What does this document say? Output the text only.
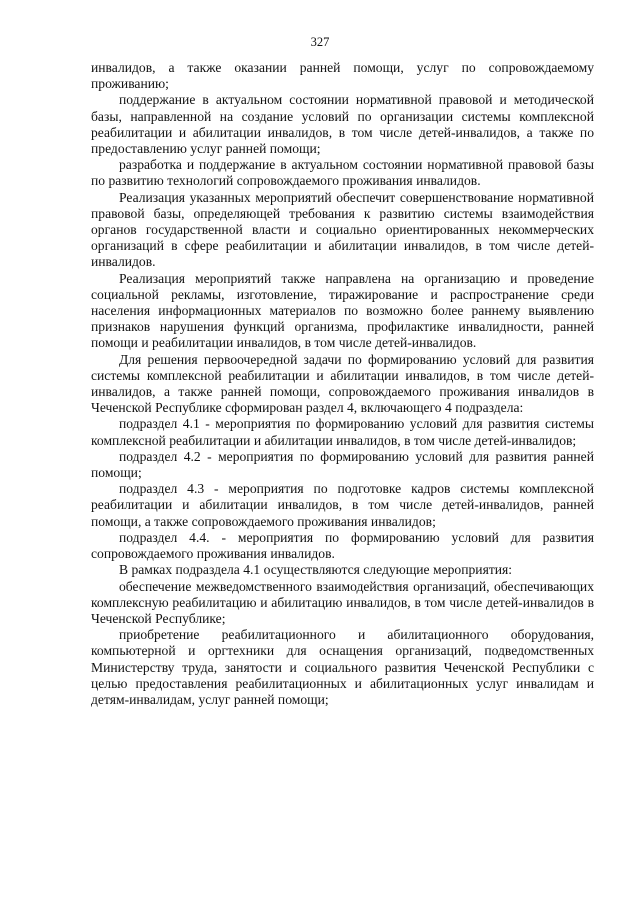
327

инвалидов, а также оказании ранней помощи, услуг по сопровождаемому проживанию;

поддержание в актуальном состоянии нормативной правовой и методической базы, направленной на создание условий по организации системы комплексной реабилитации и абилитации инвалидов, в том числе детей-инвалидов, а также по предоставлению услуг ранней помощи;

разработка и поддержание в актуальном состоянии нормативной правовой базы по развитию технологий сопровождаемого проживания инвалидов.

Реализация указанных мероприятий обеспечит совершенствование нормативной правовой базы, определяющей требования к развитию системы взаимодействия органов государственной власти и социально ориентированных некоммерческих организаций в сфере реабилитации и абилитации инвалидов, в том числе детей-инвалидов.

Реализация мероприятий также направлена на организацию и проведение социальной рекламы, изготовление, тиражирование и распространение среди населения информационных материалов по возможно более раннему выявлению признаков нарушения функций организма, профилактике инвалидности, ранней помощи и реабилитации инвалидов, в том числе детей-инвалидов.

Для решения первоочередной задачи по формированию условий для развития системы комплексной реабилитации и абилитации инвалидов, в том числе детей-инвалидов, а также ранней помощи, сопровождаемого проживания инвалидов в Чеченской Республике сформирован раздел 4, включающего 4 подраздела:

подраздел 4.1 - мероприятия по формированию условий для развития системы комплексной реабилитации и абилитации инвалидов, в том числе детей-инвалидов;

подраздел 4.2 - мероприятия по формированию условий для развития ранней помощи;

подраздел 4.3 - мероприятия по подготовке кадров системы комплексной реабилитации и абилитации инвалидов, в том числе детей-инвалидов, ранней помощи, а также сопровождаемого проживания инвалидов;

подраздел 4.4. - мероприятия по формированию условий для развития сопровождаемого проживания инвалидов.

В рамках подраздела 4.1 осуществляются следующие мероприятия:

обеспечение межведомственного взаимодействия организаций, обеспечивающих комплексную реабилитацию и абилитацию инвалидов, в том числе детей-инвалидов в Чеченской Республике;

приобретение реабилитационного и абилитационного оборудования, компьютерной и оргтехники для оснащения организаций, подведомственных Министерству труда, занятости и социального развития Чеченской Республики с целью предоставления реабилитационных и абилитационных услуг инвалидам и детям-инвалидам, услуг ранней помощи;
